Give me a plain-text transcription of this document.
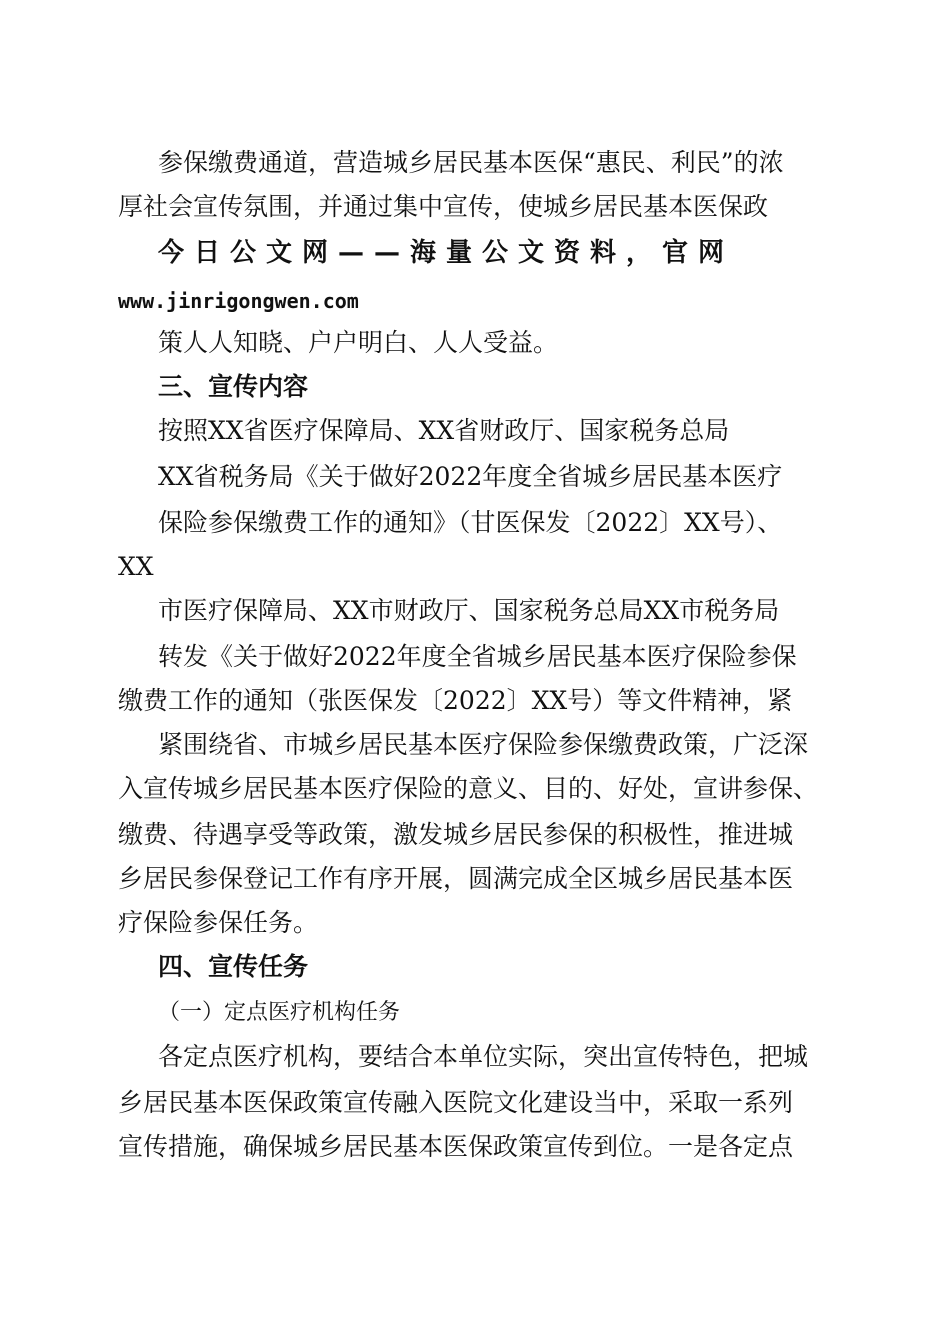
参保缴费通道，营造城乡居民基本医保“惠民、利民”的浓
厚社会宣传氛围，并通过集中宣传，使城乡居民基本医保政
今日公文网——海量公文资料，官网
www.jinrigongwen.com
策人人知晓、户户明白、人人受益。
三、宣传内容
按照XX省医疗保障局、XX省财政厅、国家税务总局
XX省税务局《关于做好2022年度全省城乡居民基本医疗
保险参保缴费工作的通知》（甘医保发〔2022〕XX号）、
XX
市医疗保障局、XX市财政厅、国家税务总局XX市税务局
转发《关于做好2022年度全省城乡居民基本医疗保险参保
缴费工作的通知（张医保发〔2022〕XX号）等文件精神，紧
紧围绕省、市城乡居民基本医疗保险参保缴费政策，广泛深
入宣传城乡居民基本医疗保险的意义、目的、好处，宣讲参保、
缴费、待遇享受等政策，激发城乡居民参保的积极性，推进城
乡居民参保登记工作有序开展，圆满完成全区城乡居民基本医
疗保险参保任务。
四、宣传任务
（一）定点医疗机构任务
各定点医疗机构，要结合本单位实际，突出宣传特色，把城
乡居民基本医保政策宣传融入医院文化建设当中，采取一系列
宣传措施，确保城乡居民基本医保政策宣传到位。一是各定点
